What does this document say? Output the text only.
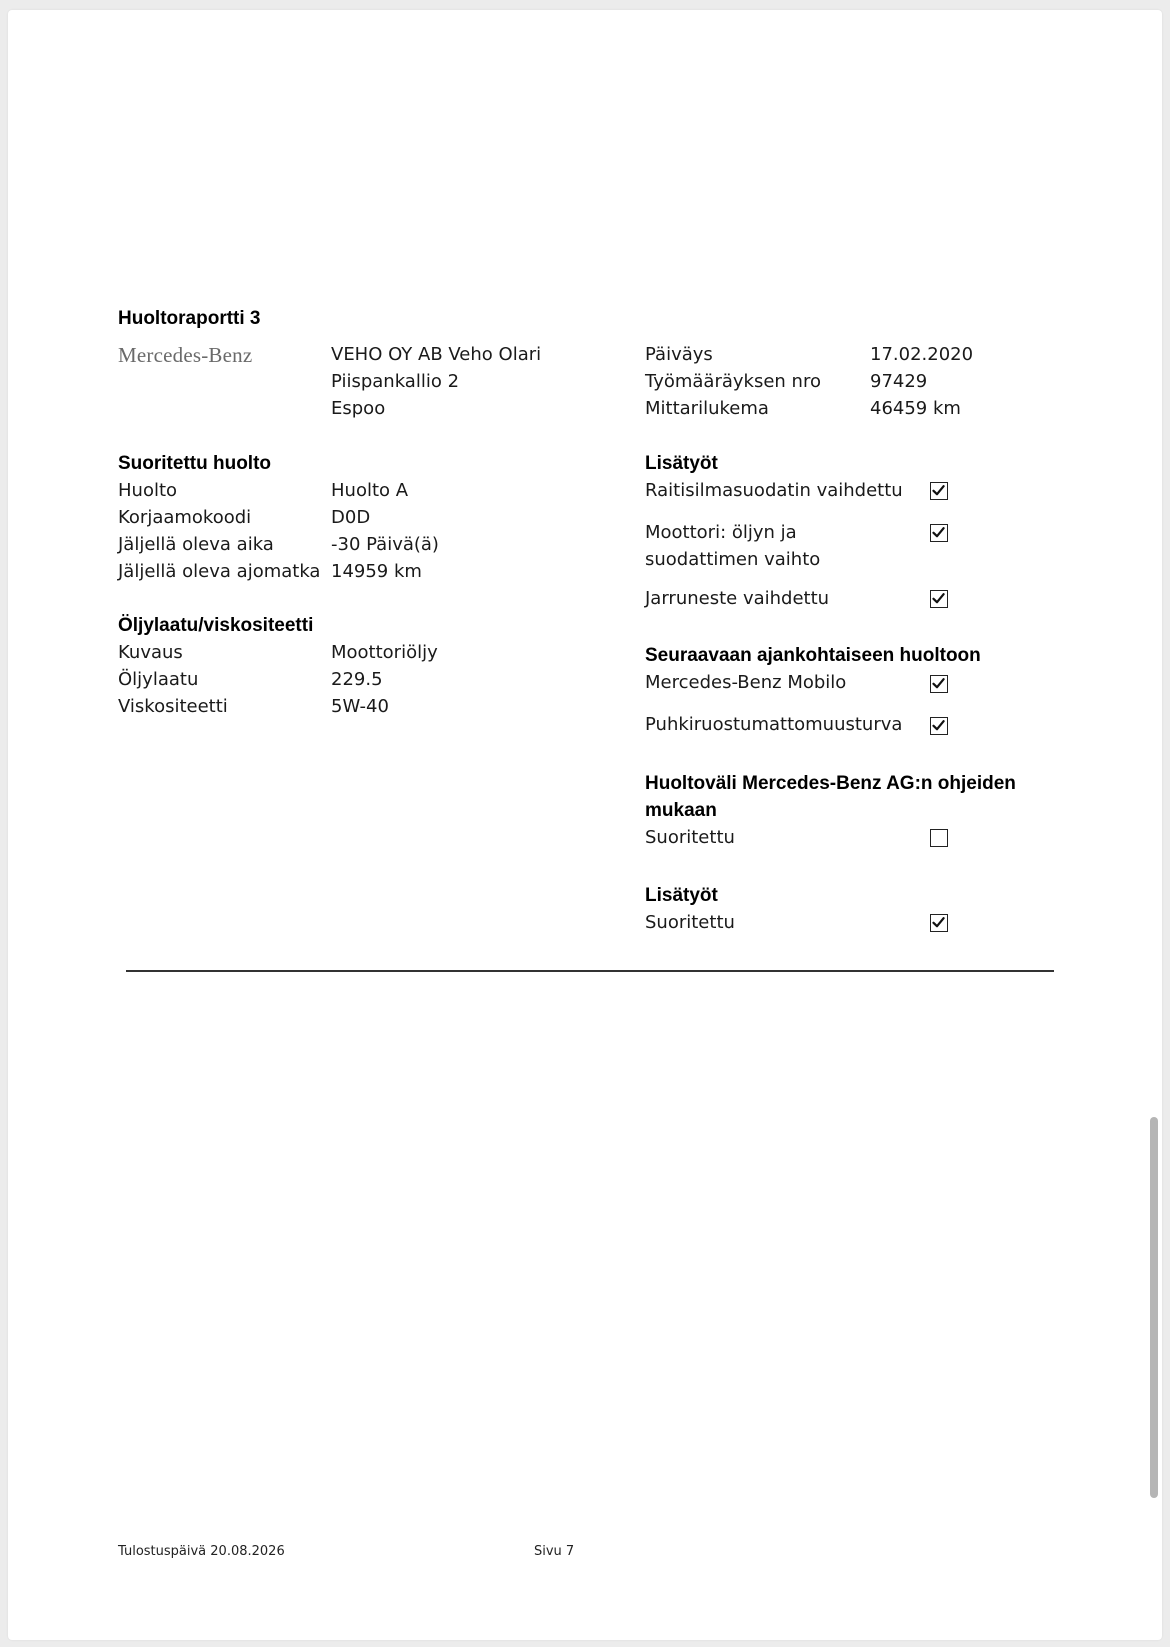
Huoltoraportti 3
Mercedes-Benz	VEHO OY AB Veho Olari
Piispankallio 2
Espoo
Päiväys	17.02.2020
Työmääräyksen nro	97429
Mittarilukema	46459 km
Suoritettu huolto
Huolto	Huolto A
Korjaamokoodi	D0D
Jäljellä oleva aika	-30 Päivä(ä)
Jäljellä oleva ajomatka 14959 km
Öljylaatu/viskositeetti
Kuvaus	Moottoriöljy
Öljylaatu	229.5
Viskositeetti	5W-40
Lisätyöt
Raitisilmasuodatin vaihdettu
Moottori: öljyn ja suodattimen vaihto
Jarruneste vaihdettu
Seuraavaan ajankohtaiseen huoltoon
Mercedes-Benz Mobilo
Puhkiruostumattomuusturva
Huoltoväli Mercedes-Benz AG:n ohjeiden mukaan
Suoritettu
Lisätyöt
Suoritettu
Tulostuspäivä 20.08.2026	Sivu 7
